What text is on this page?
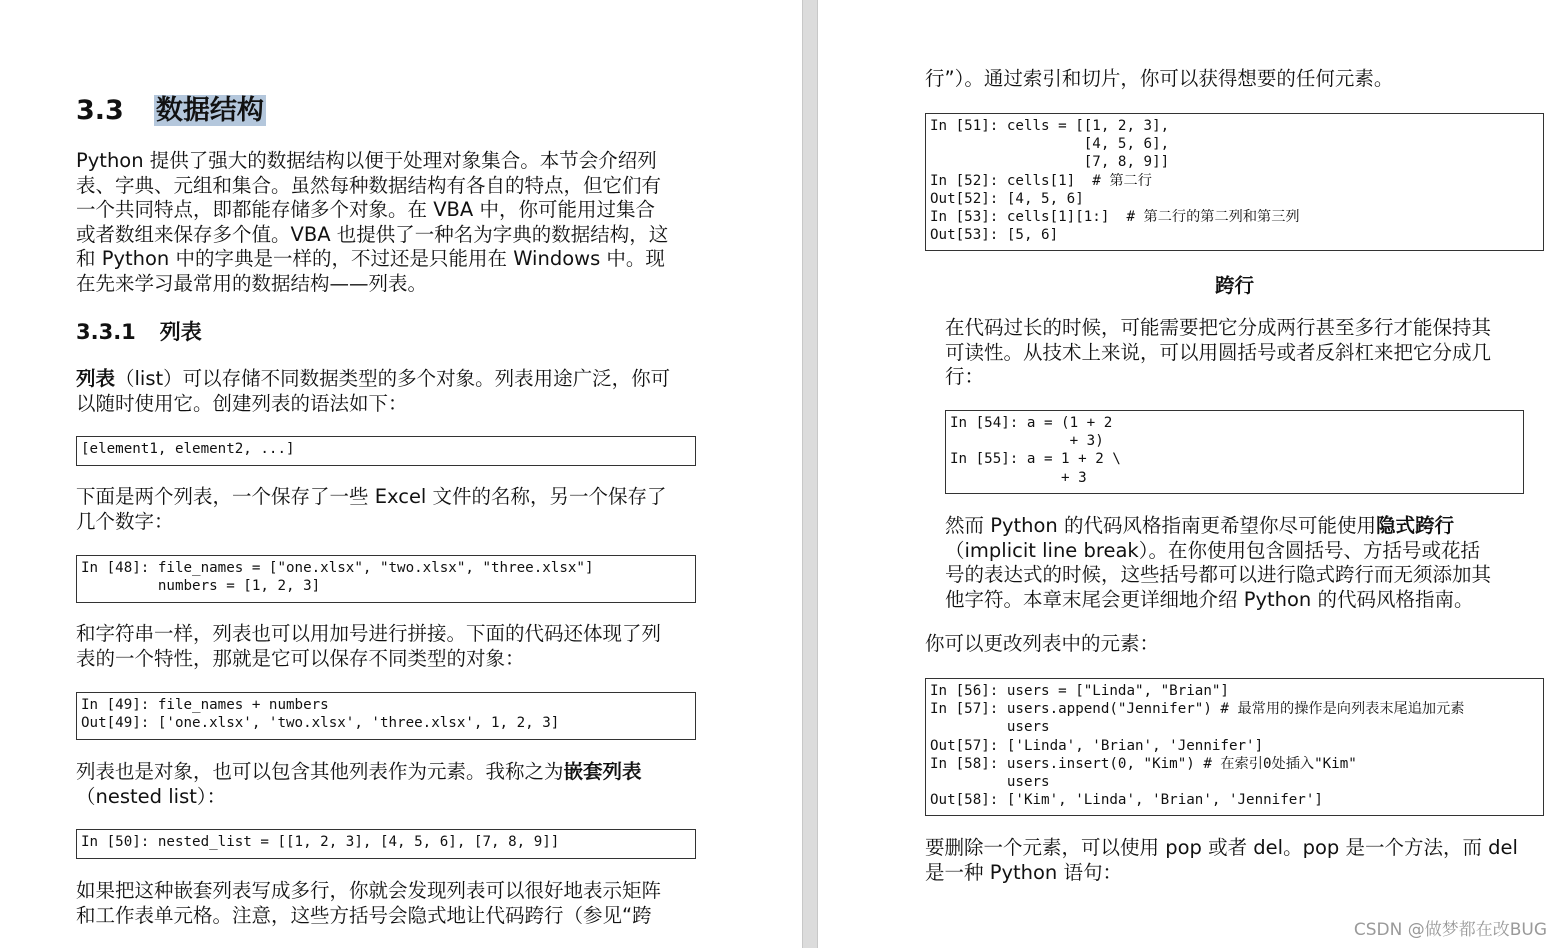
3.3 数据结构
Python 提供了强大的数据结构以便于处理对象集合。本节会介绍列
表、字典、元组和集合。虽然每种数据结构有各自的特点，但它们有
一个共同特点，即都能存储多个对象。在 VBA 中，你可能用过集合
或者数组来保存多个值。VBA 也提供了一种名为字典的数据结构，这
和 Python 中的字典是一样的，不过还是只能用在 Windows 中。现
在先来学习最常用的数据结构——列表。
3.3.1 列表
列表（list）可以存储不同数据类型的多个对象。列表用途广泛，你可
以随时使用它。创建列表的语法如下：
[element1, element2, ...]
下面是两个列表，一个保存了一些 Excel 文件的名称，另一个保存了
几个数字：
In [48]: file_names = ["one.xlsx", "two.xlsx", "three.xlsx"]
numbers = [1, 2, 3]
和字符串一样，列表也可以用加号进行拼接。下面的代码还体现了列
表的一个特性，那就是它可以保存不同类型的对象：
In [49]: file_names + numbers
Out[49]: ['one.xlsx', 'two.xlsx', 'three.xlsx', 1, 2, 3]
列表也是对象，也可以包含其他列表作为元素。我称之为嵌套列表
（nested list）：
In [50]: nested_list = [[1, 2, 3], [4, 5, 6], [7, 8, 9]]
如果把这种嵌套列表写成多行，你就会发现列表可以很好地表示矩阵
和工作表单元格。注意，这些方括号会隐式地让代码跨行（参见“跨
行”）。通过索引和切片，你可以获得想要的任何元素。
In [51]: cells = [[1, 2, 3],
[4, 5, 6],
[7, 8, 9]]
In [52]: cells[1]  # 第二行
Out[52]: [4, 5, 6]
In [53]: cells[1][1:]  # 第二行的第二列和第三列
Out[53]: [5, 6]
跨行
在代码过长的时候，可能需要把它分成两行甚至多行才能保持其
可读性。从技术上来说，可以用圆括号或者反斜杠来把它分成几
行：
In [54]: a = (1 + 2
+ 3)
In [55]: a = 1 + 2 \
+ 3
然而 Python 的代码风格指南更希望你尽可能使用隐式跨行
（implicit line break）。在你使用包含圆括号、方括号或花括
号的表达式的时候，这些括号都可以进行隐式跨行而无须添加其
他字符。本章末尾会更详细地介绍 Python 的代码风格指南。
你可以更改列表中的元素：
In [56]: users = ["Linda", "Brian"]
In [57]: users.append("Jennifer") # 最常用的操作是向列表末尾追加元素
users
Out[57]: ['Linda', 'Brian', 'Jennifer']
In [58]: users.insert(0, "Kim") # 在索引0处插入"Kim"
users
Out[58]: ['Kim', 'Linda', 'Brian', 'Jennifer']
要删除一个元素，可以使用 pop 或者 del。pop 是一个方法，而 del
是一种 Python 语句：
CSDN @做梦都在改BUG
